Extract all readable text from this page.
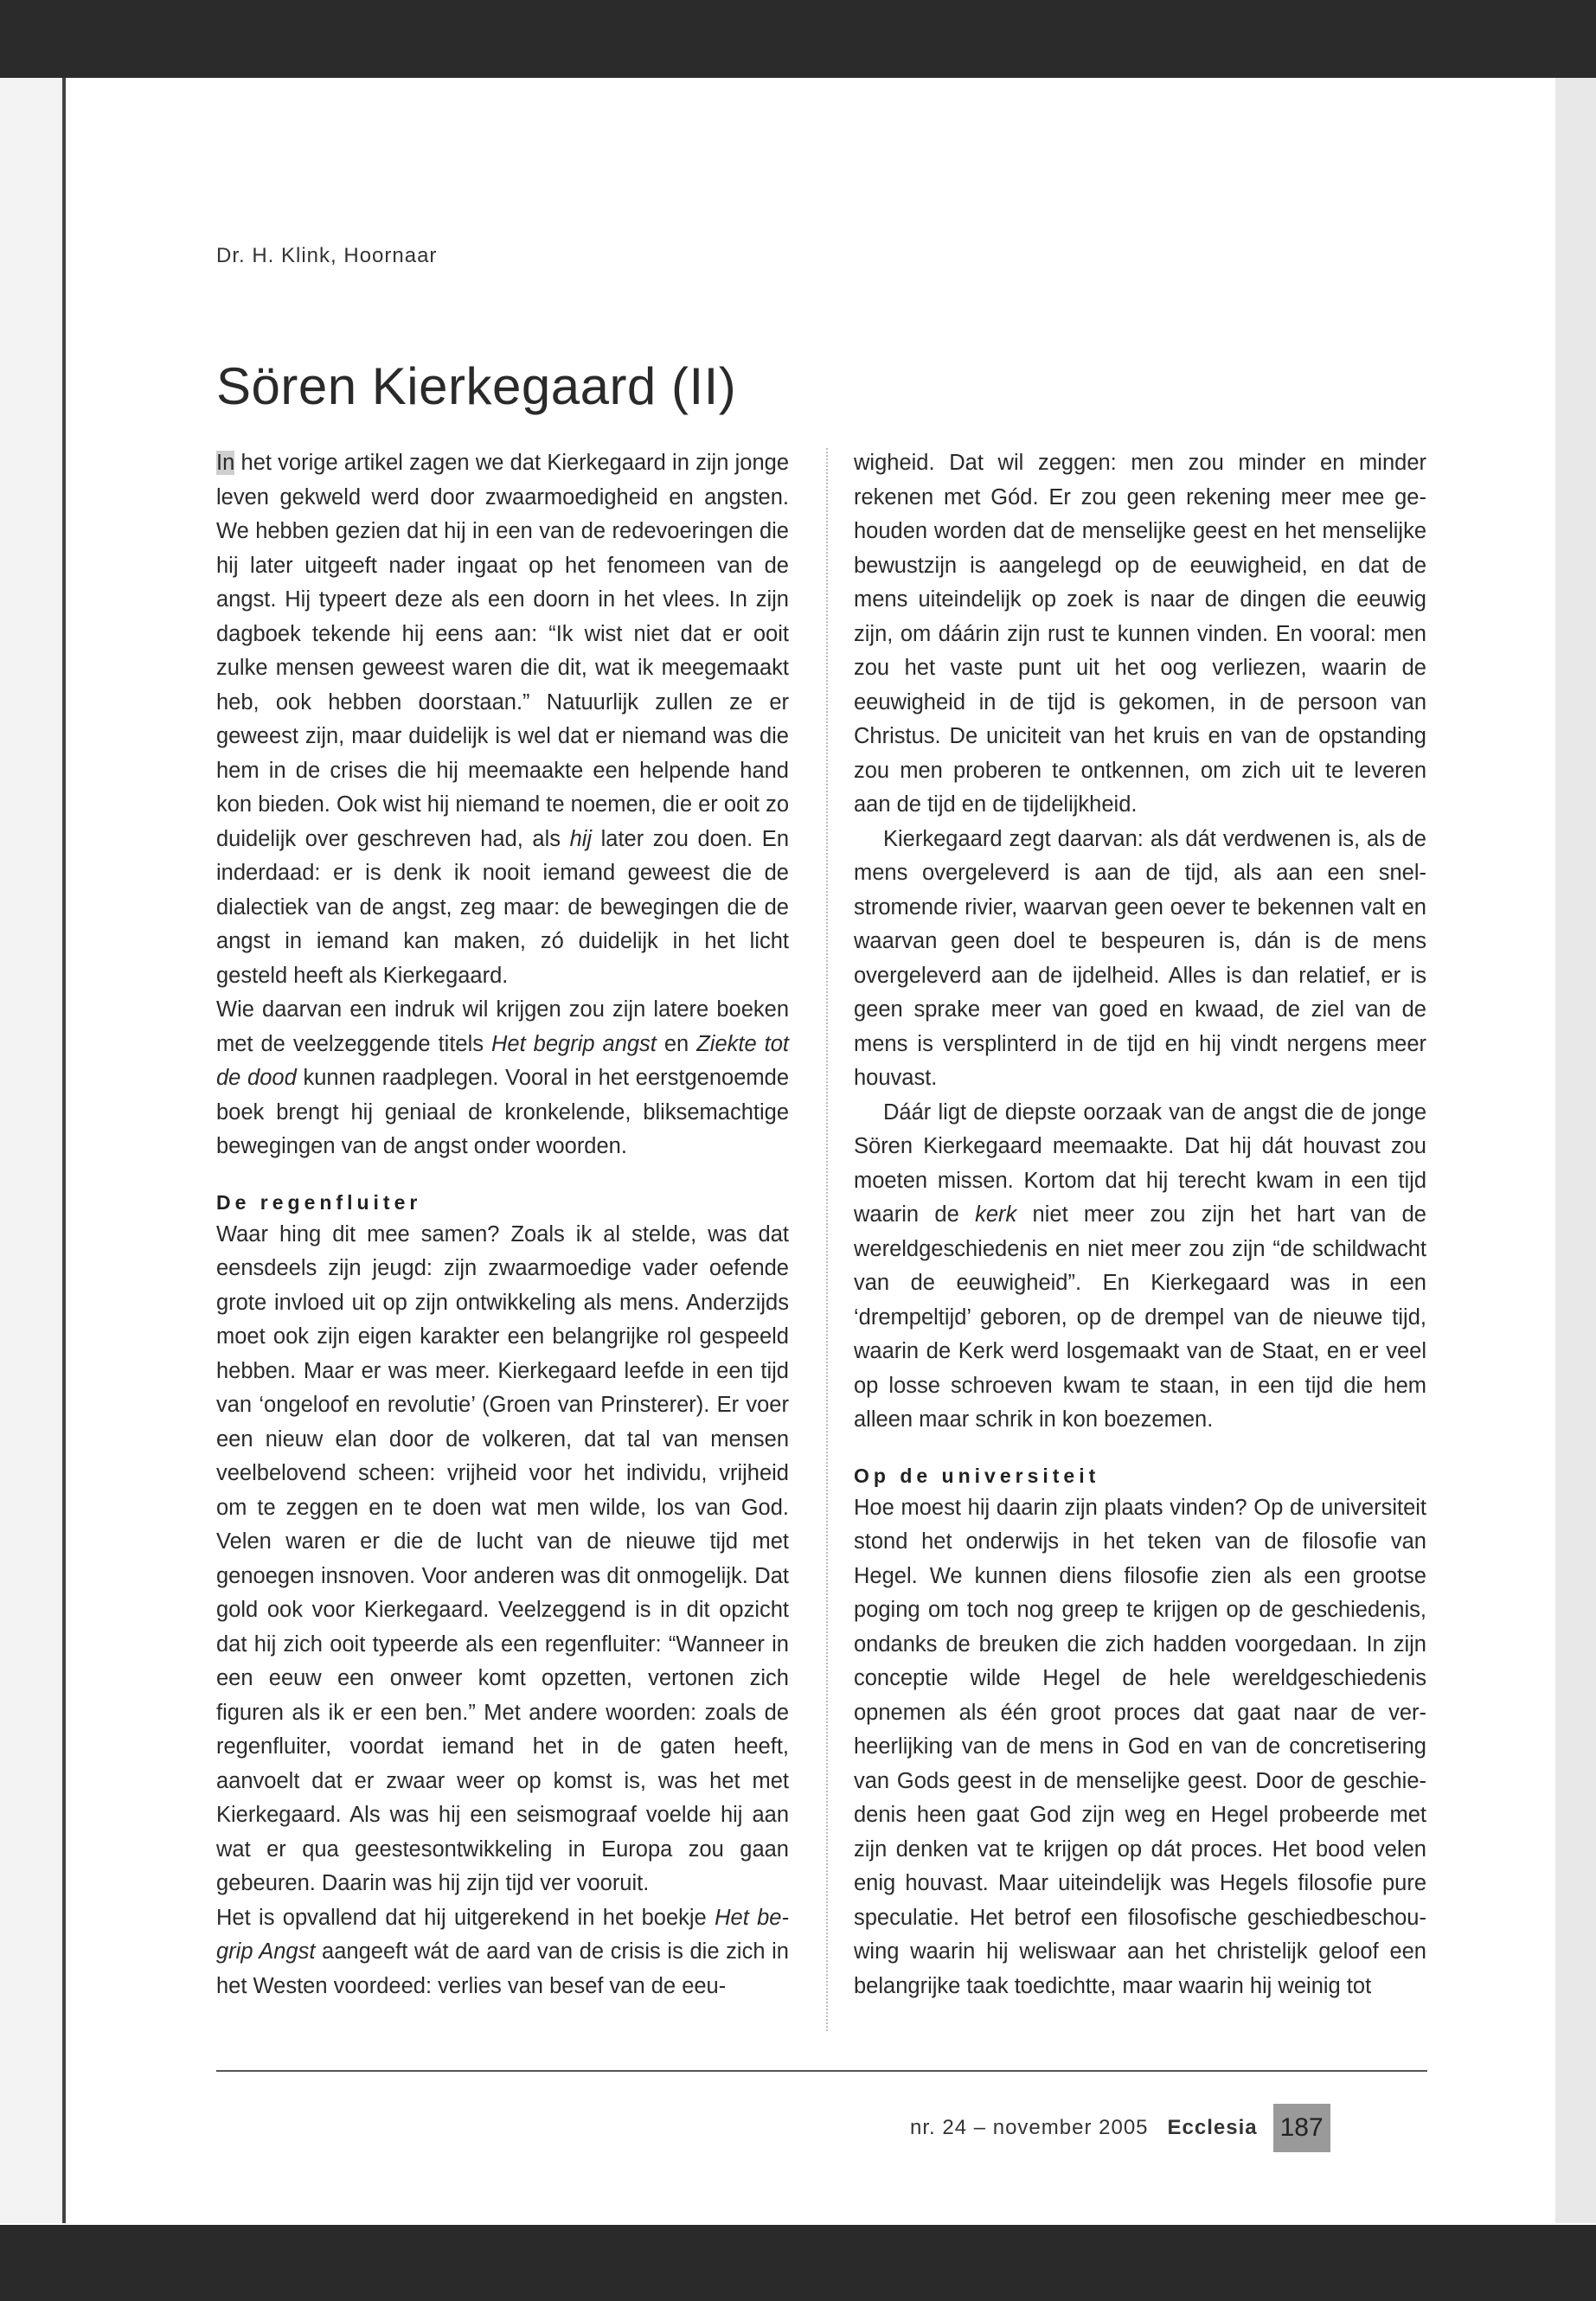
Dr. H. Klink, Hoornaar
Sören Kierkegaard (II)

In het vorige artikel zagen we dat Kierkegaard in zijn jonge leven gekweld werd door zwaarmoedigheid en angsten. We hebben gezien dat hij in een van de redevoeringen die hij later uitgeeft nader ingaat op het fenomeen van de angst. Hij typeert deze als een doorn in het vlees. In zijn dagboek tekende hij eens aan: “Ik wist niet dat er ooit zulke mensen geweest waren die dit, wat ik meegemaakt heb, ook hebben doorstaan.” Natuurlijk zullen ze er geweest zijn, maar duidelijk is wel dat er niemand was die hem in de crises die hij meemaakte een helpende hand kon bieden. Ook wist hij niemand te noemen, die er ooit zo duidelijk over geschreven had, als hij later zou doen. En inderdaad: er is denk ik nooit iemand geweest die de dialectiek van de angst, zeg maar: de bewegingen die de angst in iemand kan maken, zó duidelijk in het licht gesteld heeft als Kierkegaard.

Wie daarvan een indruk wil krijgen zou zijn latere boeken met de veelzeggende titels Het begrip angst en Ziekte tot de dood kunnen raadplegen. Vooral in het eerstgenoemde boek brengt hij geniaal de kronkelende, bliksemachtige bewegingen van de angst onder woorden.

De regenfluiter

Waar hing dit mee samen? Zoals ik al stelde, was dat eensdeels zijn jeugd: zijn zwaarmoedige vader oefende grote invloed uit op zijn ontwikkeling als mens. Anderzijds moet ook zijn eigen karakter een belangrijke rol gespeeld hebben. Maar er was meer. Kierkegaard leefde in een tijd van ‘ongeloof en revolutie’ (Groen van Prinsterer). Er voer een nieuw elan door de volkeren, dat tal van mensen veelbelovend scheen: vrijheid voor het individu, vrijheid om te zeggen en te doen wat men wilde, los van God. Velen waren er die de lucht van de nieuwe tijd met genoegen insnoven. Voor anderen was dit onmogelijk. Dat gold ook voor Kierkegaard. Veelzeggend is in dit opzicht dat hij zich ooit typeerde als een regenfluiter: “Wanneer in een eeuw een onweer komt opzetten, vertonen zich figuren als ik er een ben.” Met andere woorden: zoals de regenfluiter, voordat iemand het in de gaten heeft, aanvoelt dat er zwaar weer op komst is, was het met Kierkegaard. Als was hij een seismograaf voelde hij aan wat er qua geestesontwikkeling in Europa zou gaan gebeuren. Daarin was hij zijn tijd ver vooruit.

Het is opvallend dat hij uitgerekend in het boekje Het begrip Angst aangeeft wát de aard van de crisis is die zich in het Westen voordeed: verlies van besef van de eeu-

wigheid. Dat wil zeggen: men zou minder en minder rekenen met Gód. Er zou geen rekening meer mee gehouden worden dat de menselijke geest en het menselijke bewustzijn is aangelegd op de eeuwigheid, en dat de mens uiteindelijk op zoek is naar de dingen die eeuwig zijn, om dáárin zijn rust te kunnen vinden. En vooral: men zou het vaste punt uit het oog verliezen, waarin de eeuwigheid in de tijd is gekomen, in de persoon van Christus. De uniciteit van het kruis en van de opstanding zou men proberen te ontkennen, om zich uit te leveren aan de tijd en de tijdelijkheid.

Kierkegaard zegt daarvan: als dát verdwenen is, als de mens overgeleverd is aan de tijd, als aan een snelstromende rivier, waarvan geen oever te bekennen valt en waarvan geen doel te bespeuren is, dán is de mens overgeleverd aan de ijdelheid. Alles is dan relatief, er is geen sprake meer van goed en kwaad, de ziel van de mens is versplinterd in de tijd en hij vindt nergens meer houvast.

Dáár ligt de diepste oorzaak van de angst die de jonge Sören Kierkegaard meemaakte. Dat hij dát houvast zou moeten missen. Kortom dat hij terecht kwam in een tijd waarin de kerk niet meer zou zijn het hart van de wereldgeschiedenis en niet meer zou zijn “de schildwacht van de eeuwigheid”. En Kierkegaard was in een ‘drempeltijd’ geboren, op de drempel van de nieuwe tijd, waarin de Kerk werd losgemaakt van de Staat, en er veel op losse schroeven kwam te staan, in een tijd die hem alleen maar schrik in kon boezemen.

Op de universiteit

Hoe moest hij daarin zijn plaats vinden? Op de universiteit stond het onderwijs in het teken van de filosofie van Hegel. We kunnen diens filosofie zien als een grootse poging om toch nog greep te krijgen op de geschiedenis, ondanks de breuken die zich hadden voorgedaan. In zijn conceptie wilde Hegel de hele wereldgeschiedenis opnemen als één groot proces dat gaat naar de verheerlijking van de mens in God en van de concretisering van Gods geest in de menselijke geest. Door de geschiedenis heen gaat God zijn weg en Hegel probeerde met zijn denken vat te krijgen op dát proces. Het bood velen enig houvast. Maar uiteindelijk was Hegels filosofie pure speculatie. Het betrof een filosofische geschiedbeschouwing waarin hij weliswaar aan het christelijk geloof een belangrijke taak toedichtte, maar waarin hij weinig tot

nr. 24 – november 2005 Ecclesia 187
